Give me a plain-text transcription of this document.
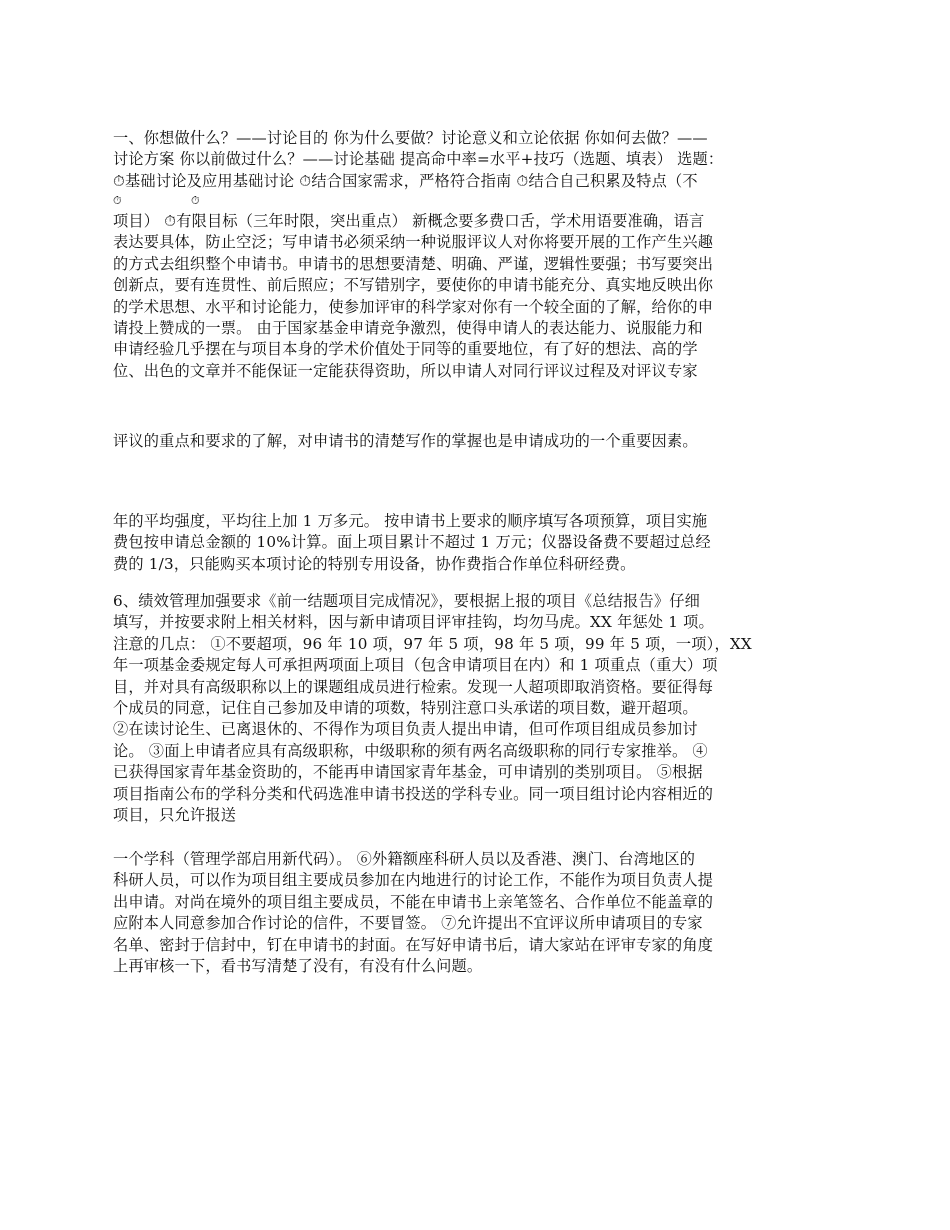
一、你想做什么？——讨论目的 你为什么要做？讨论意义和立论依据 你如何去做？——
讨论方案 你以前做过什么？——讨论基础 提高命中率=水平+技巧（选题、填表） 选题：
⏱基础讨论及应用基础讨论 ⏱结合国家需求，严格符合指南 ⏱结合自己积累及特点（不
⏱	⏱
项目） ⏱有限目标（三年时限，突出重点） 新概念要多费口舌，学术用语要准确，语言
表达要具体，防止空泛；写申请书必须采纳一种说服评议人对你将要开展的工作产生兴趣
的方式去组织整个申请书。申请书的思想要清楚、明确、严谨，逻辑性要强；书写要突出
创新点，要有连贯性、前后照应；不写错别字，要使你的申请书能充分、真实地反映出你
的学术思想、水平和讨论能力，使参加评审的科学家对你有一个较全面的了解，给你的申
请投上赞成的一票。 由于国家基金申请竞争激烈，使得申请人的表达能力、说服能力和
申请经验几乎摆在与项目本身的学术价值处于同等的重要地位，有了好的想法、高的学
位、出色的文章并不能保证一定能获得资助，所以申请人对同行评议过程及对评议专家
评议的重点和要求的了解，对申请书的清楚写作的掌握也是申请成功的一个重要因素。
年的平均强度，平均往上加 1 万多元。 按申请书上要求的顺序填写各项预算，项目实施
费包按申请总金额的 10%计算。面上项目累计不超过 1 万元；仪器设备费不要超过总经
费的 1/3，只能购买本项讨论的特别专用设备，协作费指合作单位科研经费。
6、绩效管理加强要求《前一结题项目完成情况》，要根据上报的项目《总结报告》仔细
填写，并按要求附上相关材料，因与新申请项目评审挂钩，均勿马虎。XX 年惩处 1 项。
注意的几点： ①不要超项，96 年 10 项，97 年 5 项，98 年 5 项，99 年 5 项，一项），XX
年一项基金委规定每人可承担两项面上项目（包含申请项目在内）和 1 项重点（重大）项
目，并对具有高级职称以上的课题组成员进行检索。发现一人超项即取消资格。要征得每
个成员的同意，记住自己参加及申请的项数，特别注意口头承诺的项目数，避开超项。
②在读讨论生、已离退休的、不得作为项目负责人提出申请，但可作项目组成员参加讨
论。 ③面上申请者应具有高级职称，中级职称的须有两名高级职称的同行专家推举。 ④
已获得国家青年基金资助的，不能再申请国家青年基金，可申请别的类别项目。 ⑤根据
项目指南公布的学科分类和代码选准申请书投送的学科专业。同一项目组讨论内容相近的
项目，只允许报送
一个学科（管理学部启用新代码）。 ⑥外籍额座科研人员以及香港、澳门、台湾地区的
科研人员，可以作为项目组主要成员参加在内地进行的讨论工作，不能作为项目负责人提
出申请。对尚在境外的项目组主要成员，不能在申请书上亲笔签名、合作单位不能盖章的
应附本人同意参加合作讨论的信件，不要冒签。 ⑦允许提出不宜评议所申请项目的专家
名单、密封于信封中，钉在申请书的封面。在写好申请书后，请大家站在评审专家的角度
上再审核一下，看书写清楚了没有，有没有什么问题。
